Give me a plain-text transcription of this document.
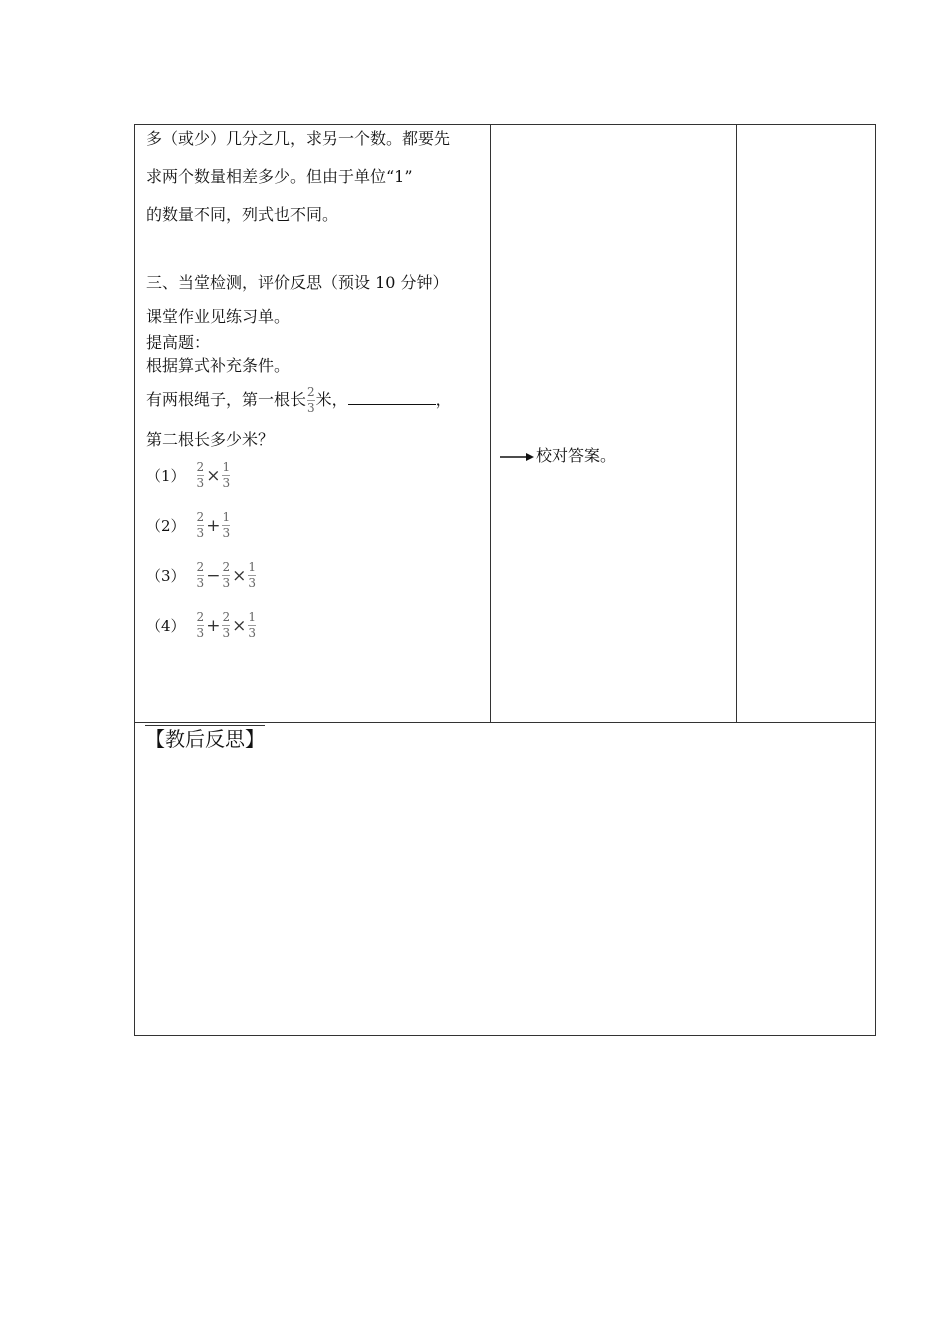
多（或少）几分之几，求另一个数。都要先
求两个数量相差多少。但由于单位“1”
的数量不同，列式也不同。
三、当堂检测，评价反思（预设 10 分钟）
课堂作业见练习单。
提高题：
根据算式补充条件。
有两根绳子，第一根长 $\frac{2}{3}$ 米，	，
第二根长多少米？
$(1) \frac{2}{3} \times \frac{1}{3}$
$(2) \frac{2}{3} + \frac{1}{3}$
$(3) \frac{2}{3} - \frac{2}{3} \times \frac{1}{3}$
$(4) \frac{2}{3} + \frac{2}{3} \times \frac{1}{3}$
校对答案。
【教后反思】
